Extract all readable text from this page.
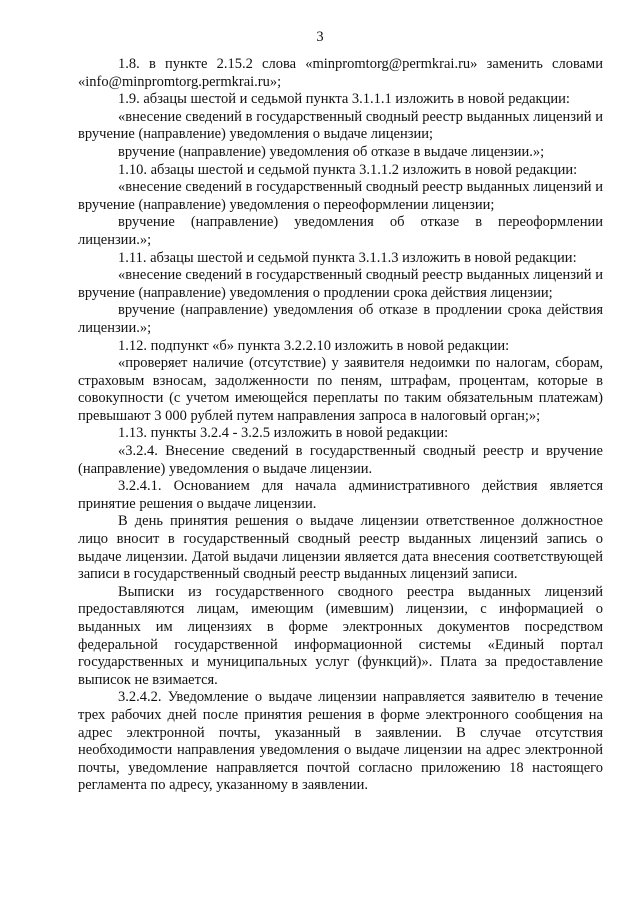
3

1.8. в пункте 2.15.2 слова «minpromtorg@permkrai.ru» заменить словами «info@minpromtorg.permkrai.ru»;

1.9. абзацы шестой и седьмой пункта 3.1.1.1 изложить в новой редакции:

«внесение сведений в государственный сводный реестр выданных лицензий и вручение (направление) уведомления о выдаче лицензии;

вручение (направление) уведомления об отказе в выдаче лицензии.»;

1.10. абзацы шестой и седьмой пункта 3.1.1.2 изложить в новой редакции:

«внесение сведений в государственный сводный реестр выданных лицензий и вручение (направление) уведомления о переоформлении лицензии;

вручение (направление) уведомления об отказе в переоформлении лицензии.»;

1.11. абзацы шестой и седьмой пункта 3.1.1.3 изложить в новой редакции:

«внесение сведений в государственный сводный реестр выданных лицензий и вручение (направление) уведомления о продлении срока действия лицензии;

вручение (направление) уведомления об отказе в продлении срока действия лицензии.»;

1.12. подпункт «б» пункта 3.2.2.10 изложить в новой редакции:

«проверяет наличие (отсутствие) у заявителя недоимки по налогам, сборам, страховым взносам, задолженности по пеням, штрафам, процентам, которые в совокупности (с учетом имеющейся переплаты по таким обязательным платежам) превышают 3 000 рублей путем направления запроса в налоговый орган;»;

1.13. пункты 3.2.4 - 3.2.5 изложить в новой редакции:

«3.2.4. Внесение сведений в государственный сводный реестр и вручение (направление) уведомления о выдаче лицензии.

3.2.4.1. Основанием для начала административного действия является принятие решения о выдаче лицензии.

В день принятия решения о выдаче лицензии ответственное должностное лицо вносит в государственный сводный реестр выданных лицензий запись о выдаче лицензии. Датой выдачи лицензии является дата внесения соответствующей записи в государственный сводный реестр выданных лицензий записи.

Выписки из государственного сводного реестра выданных лицензий предоставляются лицам, имеющим (имевшим) лицензии, с информацией о выданных им лицензиях в форме электронных документов посредством федеральной государственной информационной системы «Единый портал государственных и муниципальных услуг (функций)». Плата за предоставление выписок не взимается.

3.2.4.2. Уведомление о выдаче лицензии направляется заявителю в течение трех рабочих дней после принятия решения в форме электронного сообщения на адрес электронной почты, указанный в заявлении. В случае отсутствия необходимости направления уведомления о выдаче лицензии на адрес электронной почты, уведомление направляется почтой согласно приложению 18 настоящего регламента по адресу, указанному в заявлении.
